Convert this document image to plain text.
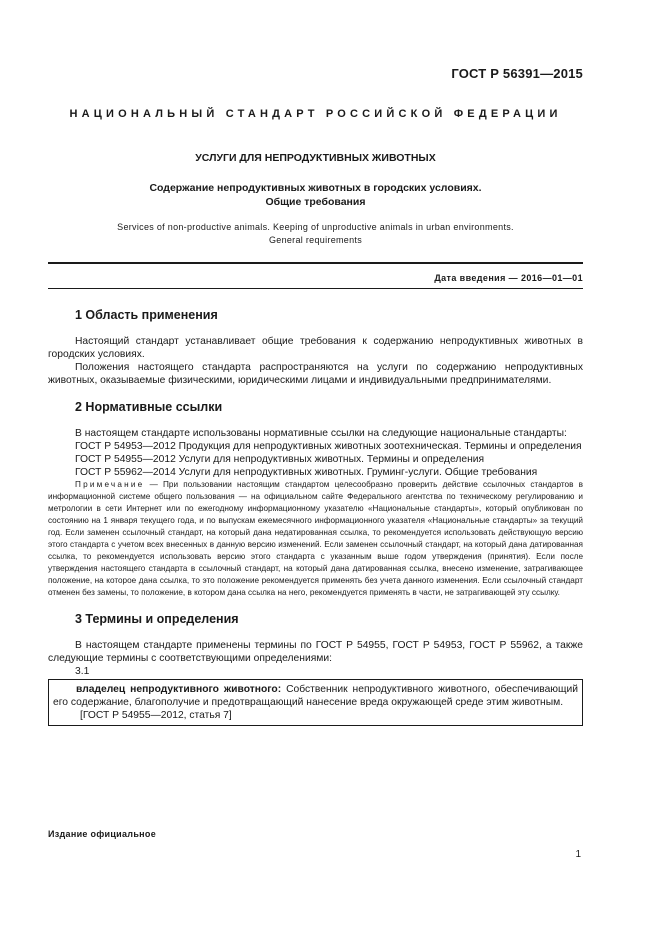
ГОСТ Р 56391—2015
НАЦИОНАЛЬНЫЙ СТАНДАРТ РОССИЙСКОЙ ФЕДЕРАЦИИ
УСЛУГИ ДЛЯ НЕПРОДУКТИВНЫХ ЖИВОТНЫХ
Содержание непродуктивных животных в городских условиях.
Общие требования
Services of non-productive animals. Keeping of unproductive animals in urban environments.
General requirements
Дата введения — 2016—01—01
1 Область применения

Настоящий стандарт устанавливает общие требования к содержанию непродуктивных животных в городских условиях.

Положения настоящего стандарта распространяются на услуги по содержанию непродуктивных животных, оказываемые физическими, юридическими лицами и индивидуальными предпринимателями.

2 Нормативные ссылки

В настоящем стандарте использованы нормативные ссылки на следующие национальные стандарты:

ГОСТ Р 54953—2012 Продукция для непродуктивных животных зоотехническая. Термины и определения

ГОСТ Р 54955—2012 Услуги для непродуктивных животных. Термины и определения

ГОСТ Р 55962—2014 Услуги для непродуктивных животных. Груминг-услуги. Общие требования

Примечание — При пользовании настоящим стандартом целесообразно проверить действие ссылочных стандартов в информационной системе общего пользования — на официальном сайте Федерального агентства по техническому регулированию и метрологии в сети Интернет или по ежегодному информационному указателю «Национальные стандарты», который опубликован по состоянию на 1 января текущего года, и по выпускам ежемесячного информационного указателя «Национальные стандарты» за текущий год. Если заменен ссылочный стандарт, на который дана недатированная ссылка, то рекомендуется использовать действующую версию этого стандарта с учетом всех внесенных в данную версию изменений. Если заменен ссылочный стандарт, на который дана датированная ссылка, то рекомендуется использовать версию этого стандарта с указанным выше годом утверждения (принятия). Если после утверждения настоящего стандарта в ссылочный стандарт, на который дана датированная ссылка, внесено изменение, затрагивающее положение, на которое дана ссылка, то это положение рекомендуется применять без учета данного изменения. Если ссылочный стандарт отменен без замены, то положение, в котором дана ссылка на него, рекомендуется применять в части, не затрагивающей эту ссылку.

3 Термины и определения

В настоящем стандарте применены термины по ГОСТ Р 54955, ГОСТ Р 54953, ГОСТ Р 55962, а также следующие термины с соответствующими определениями:

3.1

владелец непродуктивного животного: Собственник непродуктивного животного, обеспечивающий его содержание, благополучие и предотвращающий нанесение вреда окружающей среде этим животным.

[ГОСТ Р 54955—2012, статья 7]

Издание официальное
1
